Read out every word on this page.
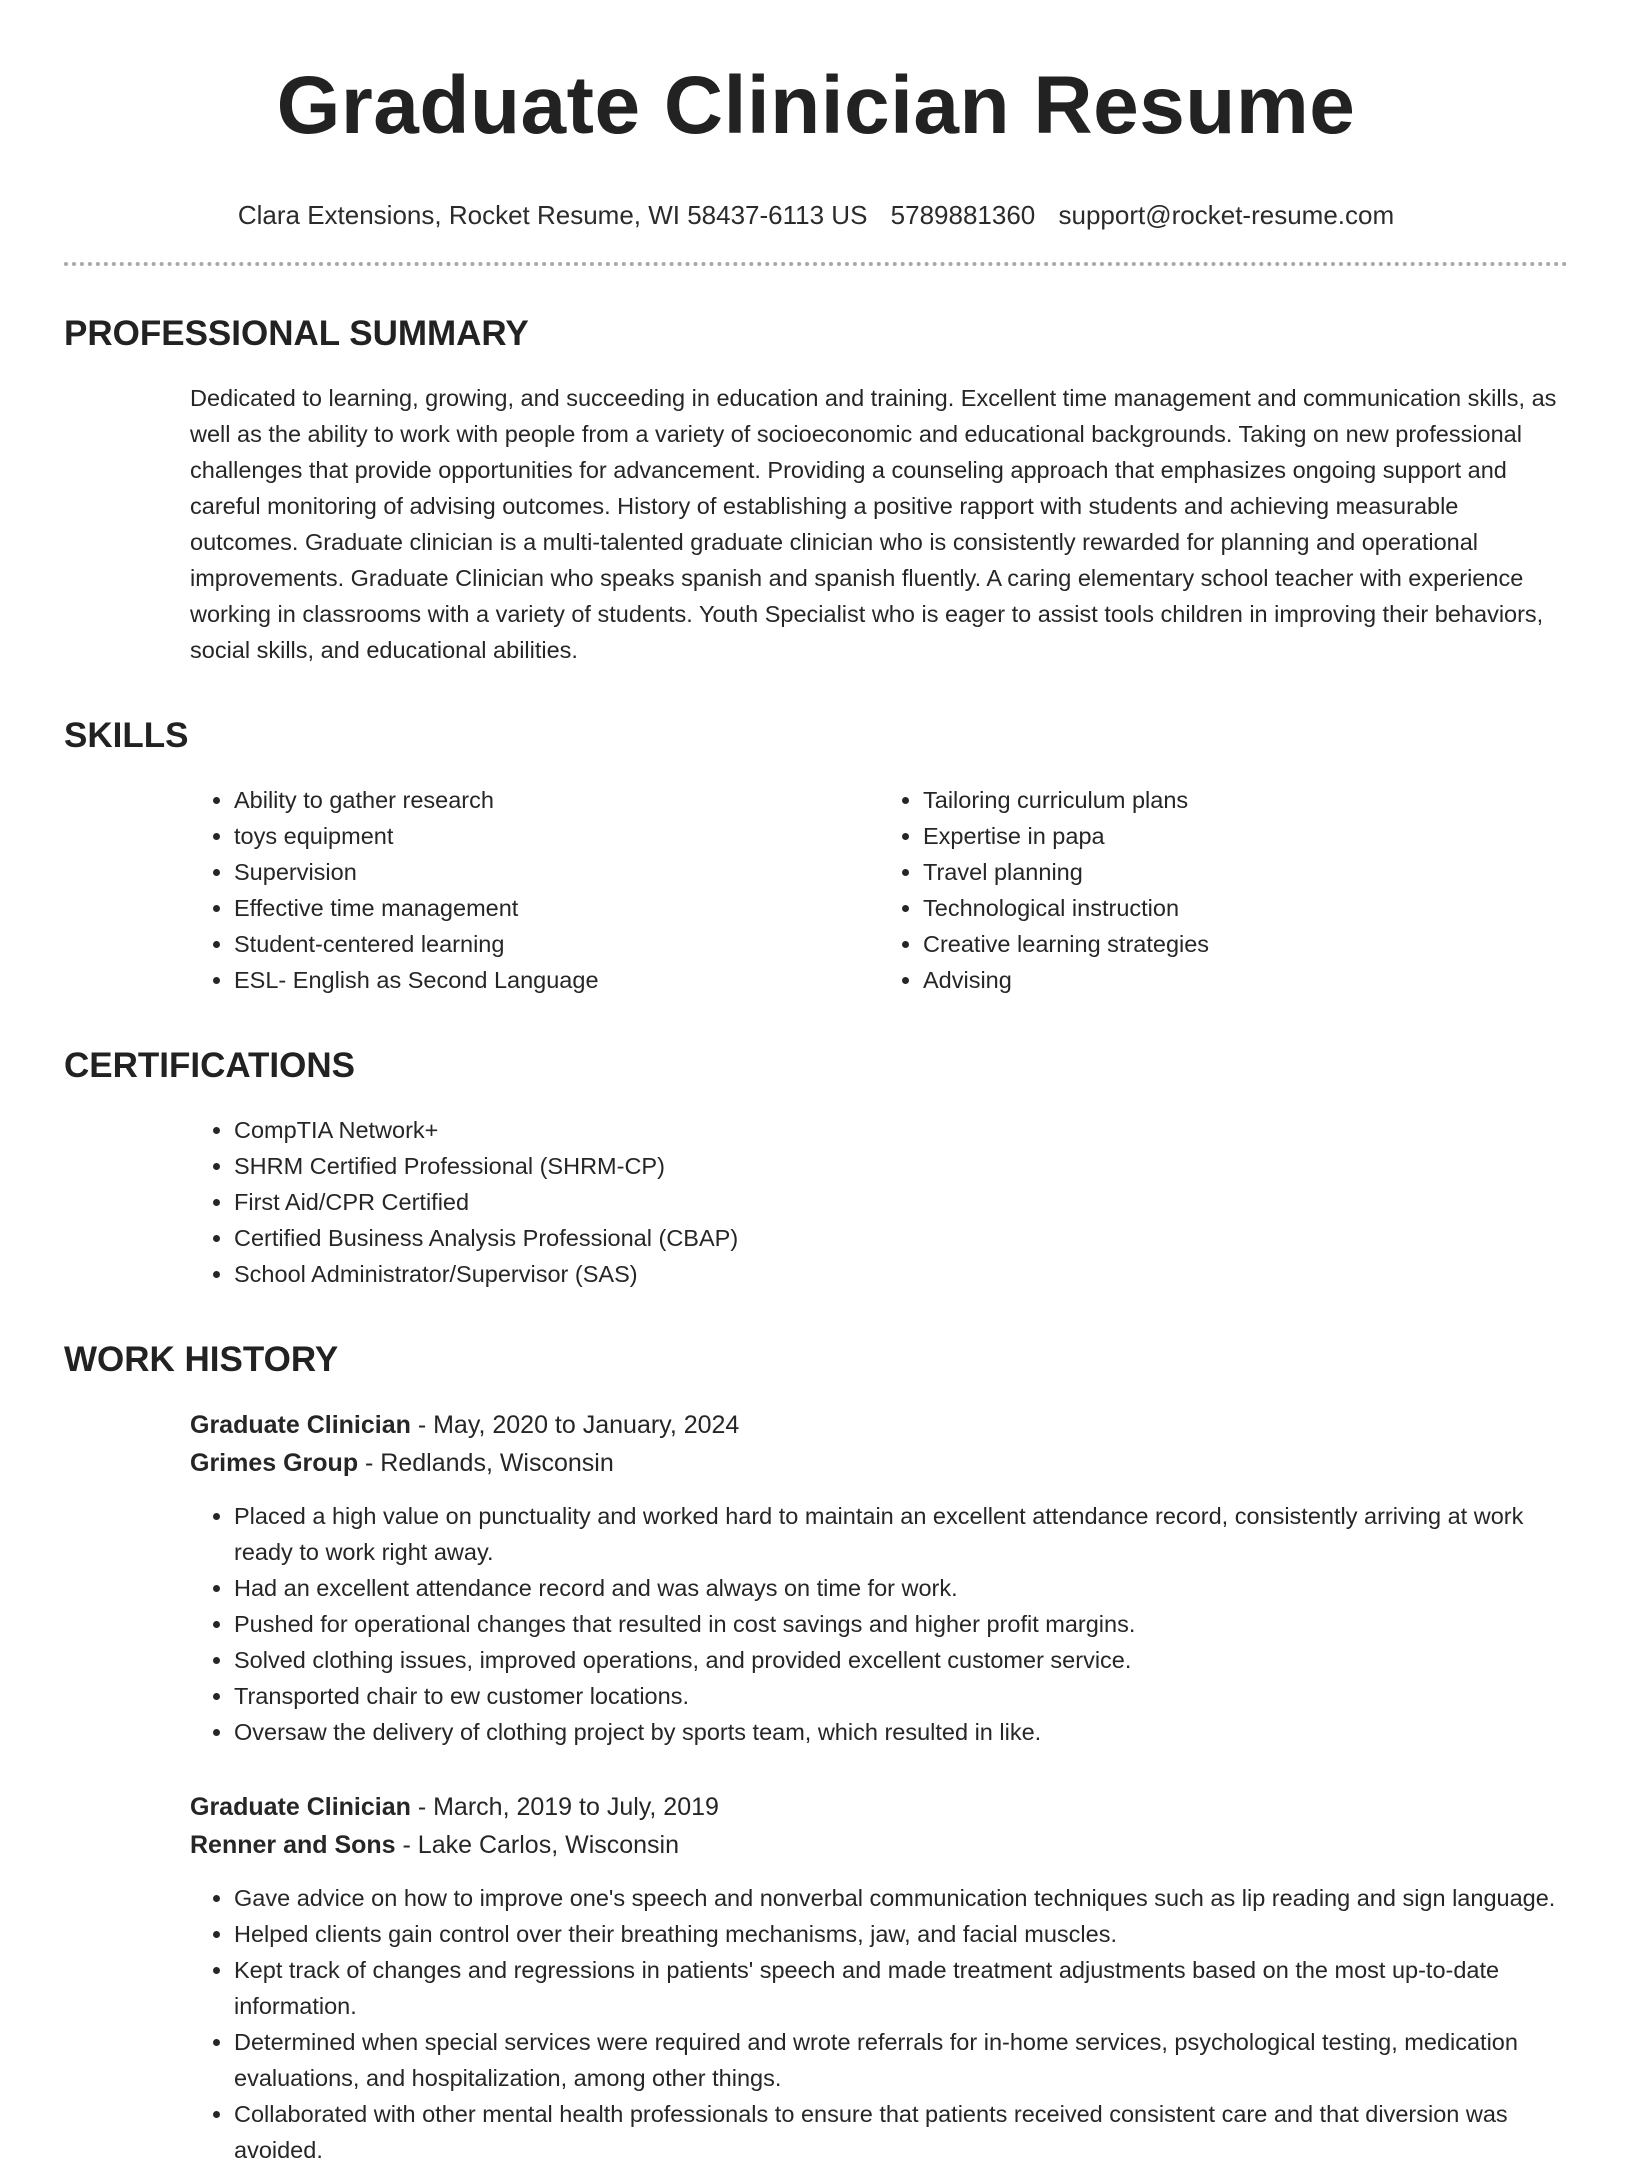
Graduate Clinician Resume
Clara Extensions, Rocket Resume, WI 58437-6113 US 5789881360 support@rocket-resume.com
PROFESSIONAL SUMMARY
Dedicated to learning, growing, and succeeding in education and training. Excellent time management and communication skills, as well as the ability to work with people from a variety of socioeconomic and educational backgrounds. Taking on new professional challenges that provide opportunities for advancement. Providing a counseling approach that emphasizes ongoing support and careful monitoring of advising outcomes. History of establishing a positive rapport with students and achieving measurable outcomes. Graduate clinician is a multi-talented graduate clinician who is consistently rewarded for planning and operational improvements. Graduate Clinician who speaks spanish and spanish fluently. A caring elementary school teacher with experience working in classrooms with a variety of students. Youth Specialist who is eager to assist tools children in improving their behaviors, social skills, and educational abilities.
SKILLS
• Ability to gather research
• toys equipment
• Supervision
• Effective time management
• Student-centered learning
• ESL- English as Second Language
• Tailoring curriculum plans
• Expertise in papa
• Travel planning
• Technological instruction
• Creative learning strategies
• Advising
CERTIFICATIONS
• CompTIA Network+
• SHRM Certified Professional (SHRM-CP)
• First Aid/CPR Certified
• Certified Business Analysis Professional (CBAP)
• School Administrator/Supervisor (SAS)
WORK HISTORY
Graduate Clinician - May, 2020 to January, 2024
Grimes Group - Redlands, Wisconsin
• Placed a high value on punctuality and worked hard to maintain an excellent attendance record, consistently arriving at work ready to work right away.
• Had an excellent attendance record and was always on time for work.
• Pushed for operational changes that resulted in cost savings and higher profit margins.
• Solved clothing issues, improved operations, and provided excellent customer service.
• Transported chair to ew customer locations.
• Oversaw the delivery of clothing project by sports team, which resulted in like.
Graduate Clinician - March, 2019 to July, 2019
Renner and Sons - Lake Carlos, Wisconsin
• Gave advice on how to improve one's speech and nonverbal communication techniques such as lip reading and sign language.
• Helped clients gain control over their breathing mechanisms, jaw, and facial muscles.
• Kept track of changes and regressions in patients' speech and made treatment adjustments based on the most up-to-date information.
• Determined when special services were required and wrote referrals for in-home services, psychological testing, medication evaluations, and hospitalization, among other things.
• Collaborated with other mental health professionals to ensure that patients received consistent care and that diversion was avoided.
